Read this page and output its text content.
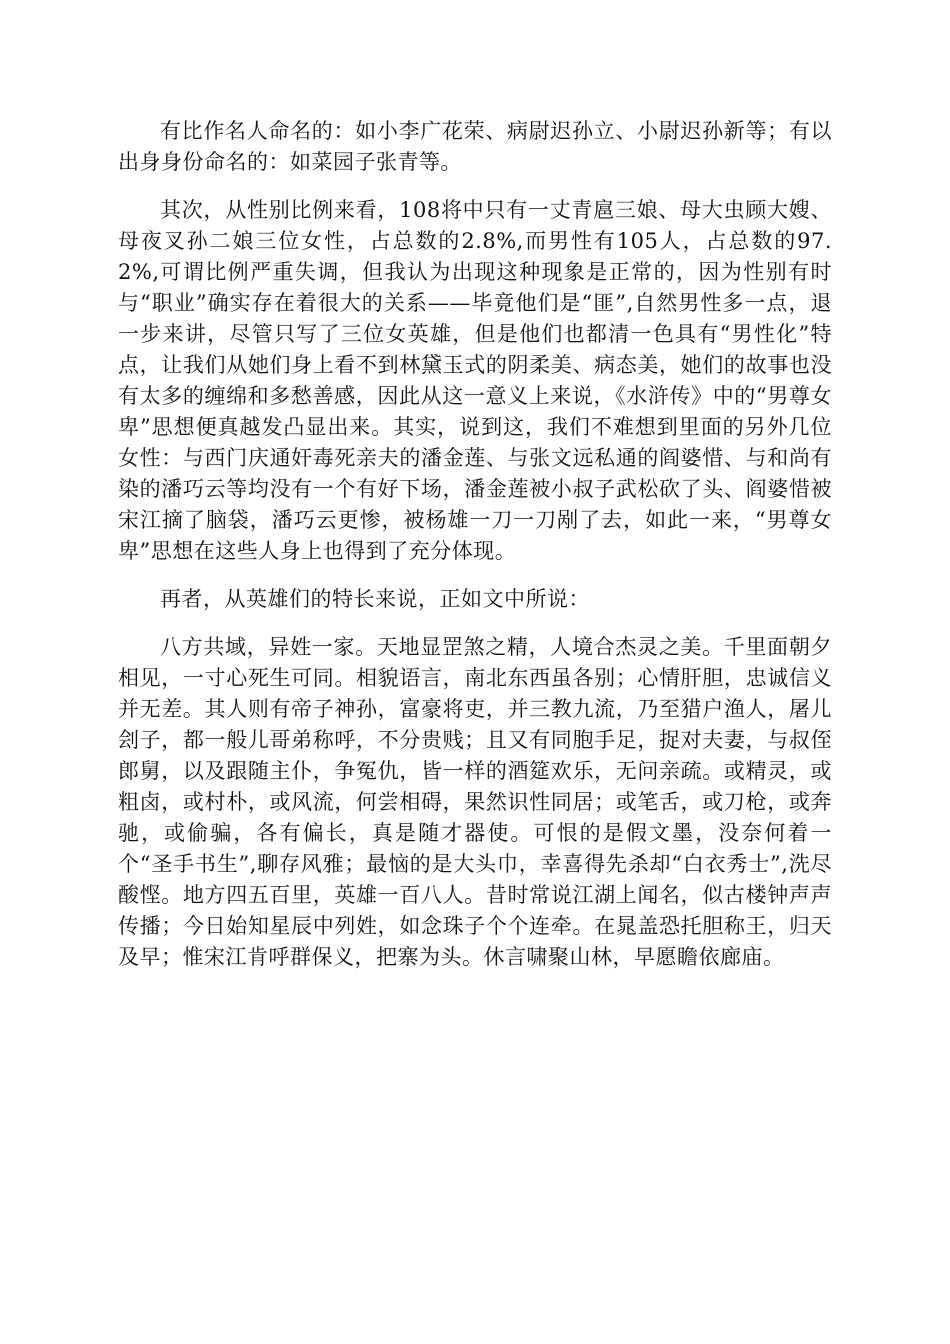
有比作名人命名的：如小李广花荣、病尉迟孙立、小尉迟孙新等；有以出身身份命名的：如菜园子张青等。

其次，从性别比例来看，108将中只有一丈青扈三娘、母大虫顾大嫂、母夜叉孙二娘三位女性，占总数的2.8%,而男性有105人，占总数的97.2%,可谓比例严重失调，但我认为出现这种现象是正常的，因为性别有时与“职业”确实存在着很大的关系——毕竟他们是“匪”,自然男性多一点，退一步来讲，尽管只写了三位女英雄，但是他们也都清一色具有“男性化”特点，让我们从她们身上看不到林黛玉式的阴柔美、病态美，她们的故事也没有太多的缠绵和多愁善感，因此从这一意义上来说，《水浒传》中的“男尊女卑”思想便真越发凸显出来。其实，说到这，我们不难想到里面的另外几位女性：与西门庆通奸毒死亲夫的潘金莲、与张文远私通的阎婆惜、与和尚有染的潘巧云等均没有一个有好下场，潘金莲被小叔子武松砍了头、阎婆惜被宋江摘了脑袋，潘巧云更惨，被杨雄一刀一刀剐了去，如此一来，“男尊女卑”思想在这些人身上也得到了充分体现。

再者，从英雄们的特长来说，正如文中所说：

八方共域，异姓一家。天地显罡煞之精，人境合杰灵之美。千里面朝夕相见，一寸心死生可同。相貌语言，南北东西虽各别；心情肝胆，忠诚信义并无差。其人则有帝子神孙，富豪将吏，并三教九流，乃至猎户渔人，屠儿刽子，都一般儿哥弟称呼，不分贵贱；且又有同胞手足，捉对夫妻，与叔侄郎舅，以及跟随主仆，争冤仇，皆一样的酒筵欢乐，无问亲疏。或精灵，或粗卤，或村朴，或风流，何尝相碍，果然识性同居；或笔舌，或刀枪，或奔驰，或偷骗，各有偏长，真是随才器使。可恨的是假文墨，没奈何着一个“圣手书生”,聊存风雅；最恼的是大头巾，幸喜得先杀却“白衣秀士”,洗尽酸悭。地方四五百里，英雄一百八人。昔时常说江湖上闻名，似古楼钟声声传播；今日始知星辰中列姓，如念珠子个个连牵。在晁盖恐托胆称王，归天及早；惟宋江肯呼群保义，把寨为头。休言啸聚山林，早愿瞻依廊庙。
